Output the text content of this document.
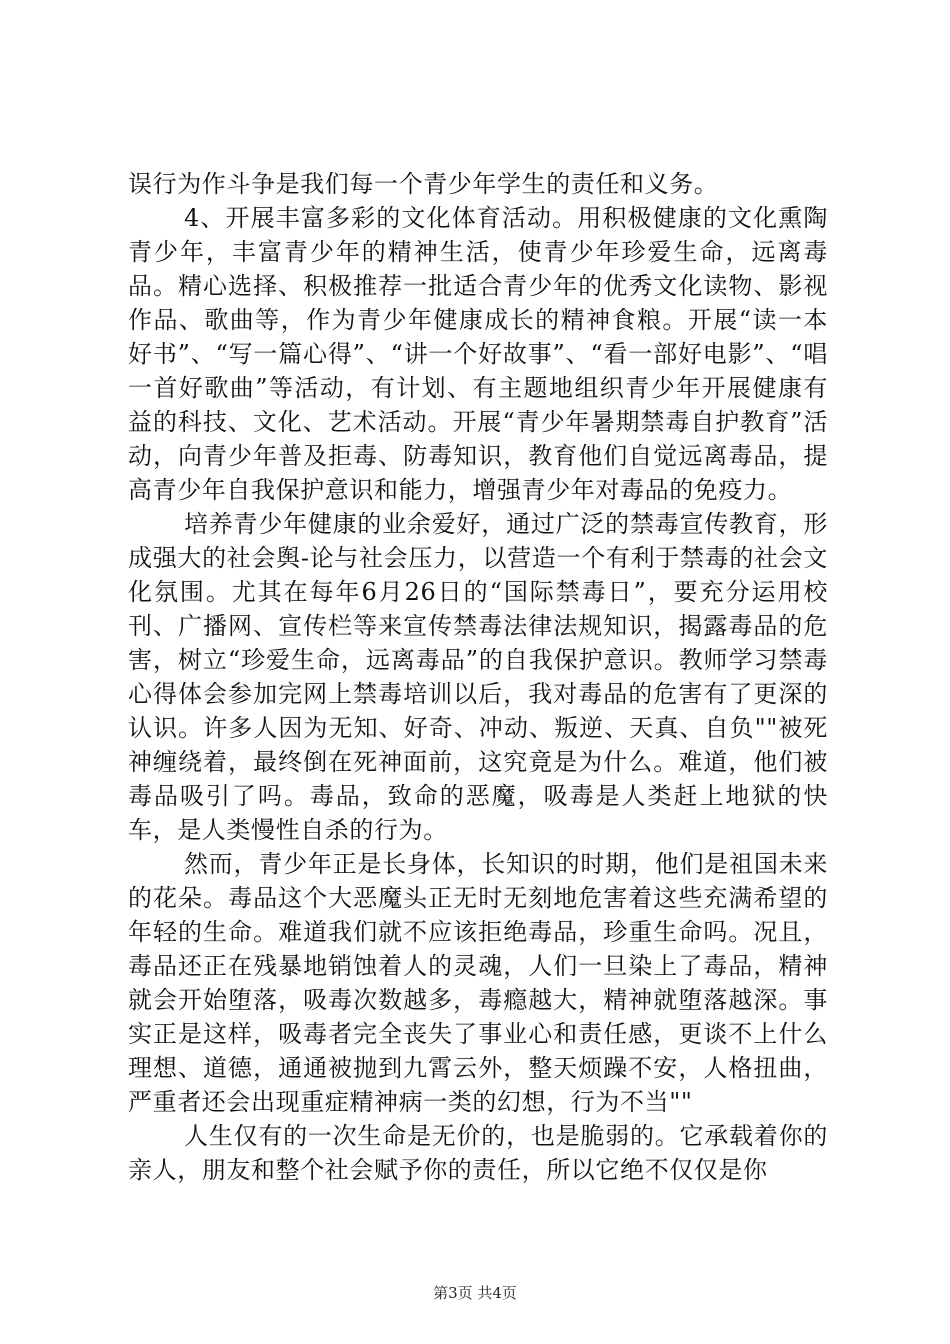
误行为作斗争是我们每一个青少年学生的责任和义务。

4、开展丰富多彩的文化体育活动。用积极健康的文化熏陶青少年，丰富青少年的精神生活，使青少年珍爱生命，远离毒品。精心选择、积极推荐一批适合青少年的优秀文化读物、影视作品、歌曲等，作为青少年健康成长的精神食粮。开展“读一本好书”、“写一篇心得”、“讲一个好故事”、“看一部好电影”、“唱一首好歌曲”等活动，有计划、有主题地组织青少年开展健康有益的科技、文化、艺术活动。开展“青少年暑期禁毒自护教育”活动，向青少年普及拒毒、防毒知识，教育他们自觉远离毒品，提高青少年自我保护意识和能力，增强青少年对毒品的免疫力。

培养青少年健康的业余爱好，通过广泛的禁毒宣传教育，形成强大的社会舆-论与社会压力，以营造一个有利于禁毒的社会文化氛围。尤其在每年6月26日的“国际禁毒日”，要充分运用校刊、广播网、宣传栏等来宣传禁毒法律法规知识，揭露毒品的危害，树立“珍爱生命，远离毒品”的自我保护意识。教师学习禁毒心得体会参加完网上禁毒培训以后，我对毒品的危害有了更深的认识。许多人因为无知、好奇、冲动、叛逆、天真、自负""被死神缠绕着，最终倒在死神面前，这究竟是为什么。难道，他们被毒品吸引了吗。毒品，致命的恶魔，吸毒是人类赶上地狱的快车，是人类慢性自杀的行为。

然而，青少年正是长身体，长知识的时期，他们是祖国未来的花朵。毒品这个大恶魔头正无时无刻地危害着这些充满希望的年轻的生命。难道我们就不应该拒绝毒品，珍重生命吗。况且，毒品还正在残暴地销蚀着人的灵魂，人们一旦染上了毒品，精神就会开始堕落，吸毒次数越多，毒瘾越大，精神就堕落越深。事实正是这样，吸毒者完全丧失了事业心和责任感，更谈不上什么理想、道德，通通被抛到九霄云外，整天烦躁不安，人格扭曲，严重者还会出现重症精神病一类的幻想，行为不当""

人生仅有的一次生命是无价的，也是脆弱的。它承载着你的亲人，朋友和整个社会赋予你的责任，所以它绝不仅仅是你

第3页 共4页
